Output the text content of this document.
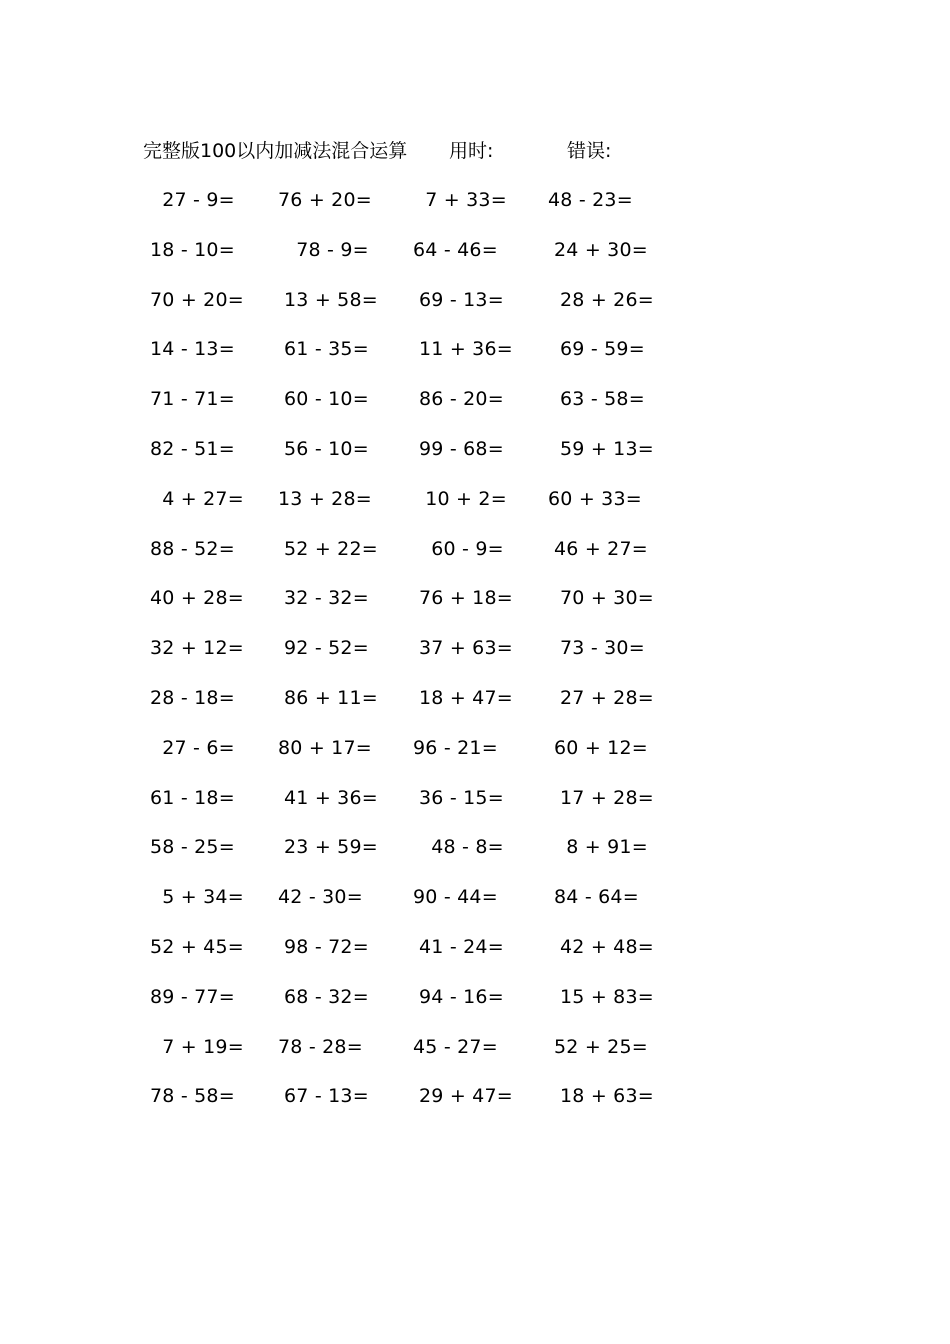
完整版100以内加减法混合运算 用时:	错误:
27 - 9= 76 + 20= 7 + 33= 48 - 23=
18 - 10=	78 - 9= 64 - 46=	24 + 30=
70 + 20= 13 + 58= 69 - 13=	28 + 26=
14 - 13=	61 - 35=	11 + 36= 69 - 59=
71 - 71=	60 - 10=	86 - 20=	63 - 58=
82 - 51=	56 - 10=	99 - 68=	59 + 13=
4 + 27= 13 + 28= 10 + 2= 60 + 33=
88 - 52=	52 + 22= 60 - 9=	46 + 27=
40 + 28= 32 - 32=	76 + 18= 70 + 30=
32 + 12= 92 - 52=	37 + 63= 73 - 30=
28 - 18=	86 + 11= 18 + 47= 27 + 28=
27 - 6= 80 + 17= 96 - 21=	60 + 12=
61 - 18=	41 + 36= 36 - 15=	17 + 28=
58 - 25=	23 + 59= 48 - 8=	8 + 91=
5 + 34= 42 - 30=	90 - 44=	84 - 64=
52 + 45= 98 - 72=	41 - 24=	42 + 48=
89 - 77=	68 - 32=	94 - 16=	15 + 83=
7 + 19= 78 - 28=	45 - 27=	52 + 25=
78 - 58=	67 - 13=	29 + 47= 18 + 63=
